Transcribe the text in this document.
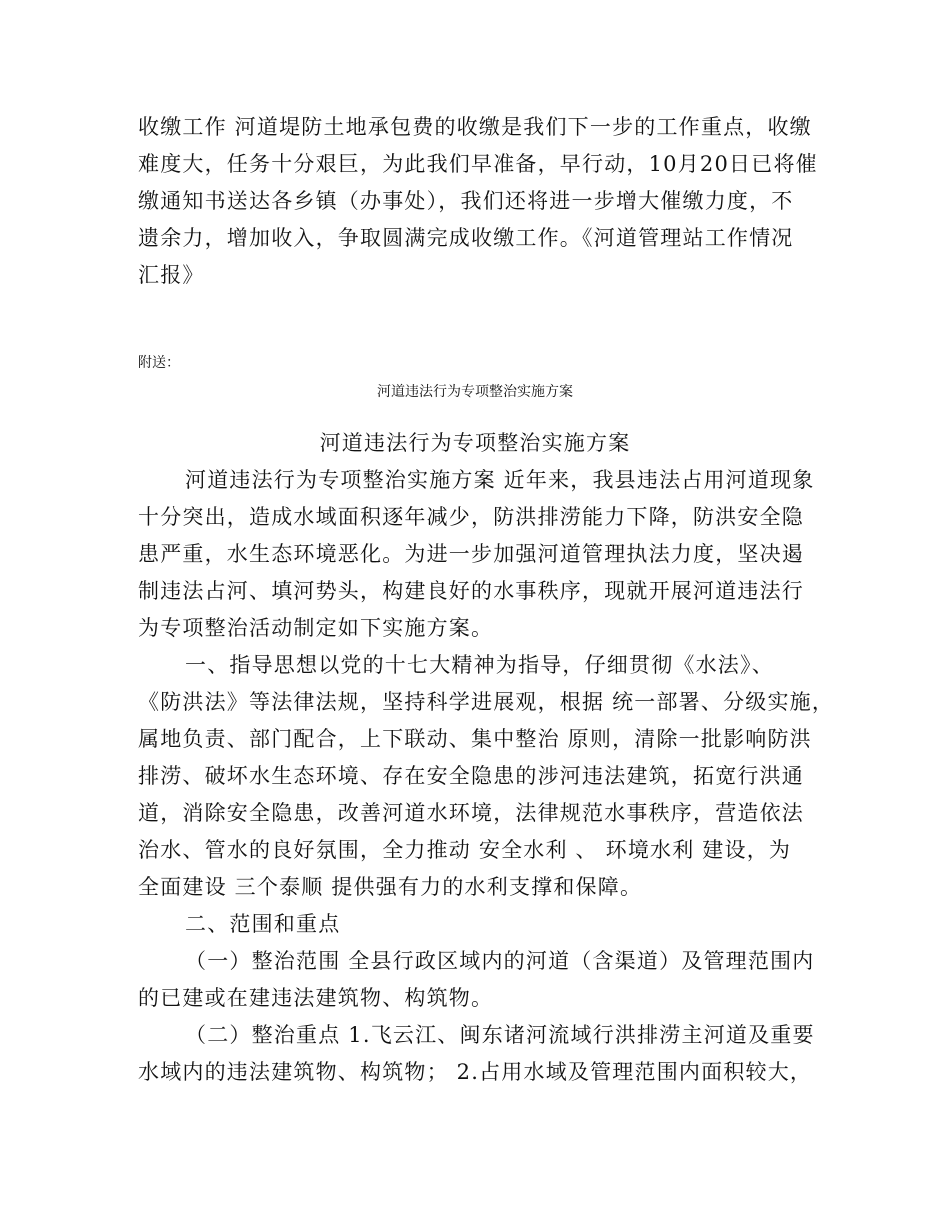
收缴工作 河道堤防土地承包费的收缴是我们下一步的工作重点，收缴
难度大，任务十分艰巨，为此我们早准备，早行动，10月20日已将催
缴通知书送达各乡镇（办事处），我们还将进一步增大催缴力度，不
遗余力，增加收入，争取圆满完成收缴工作。《河道管理站工作情况
汇报》
附送：
河道违法行为专项整治实施方案
河道违法行为专项整治实施方案
河道违法行为专项整治实施方案 近年来，我县违法占用河道现象
十分突出，造成水域面积逐年减少，防洪排涝能力下降，防洪安全隐
患严重，水生态环境恶化。为进一步加强河道管理执法力度，坚决遏
制违法占河、填河势头，构建良好的水事秩序，现就开展河道违法行
为专项整治活动制定如下实施方案。
一、指导思想以党的十七大精神为指导，仔细贯彻《水法》、
《防洪法》等法律法规，坚持科学进展观，根据 统一部署、分级实施，
属地负责、部门配合，上下联动、集中整治 原则，清除一批影响防洪
排涝、破坏水生态环境、存在安全隐患的涉河违法建筑，拓宽行洪通
道，消除安全隐患，改善河道水环境，法律规范水事秩序，营造依法
治水、管水的良好氛围，全力推动 安全水利 、 环境水利 建设，为
全面建设 三个泰顺 提供强有力的水利支撑和保障。
二、范围和重点
（一）整治范围 全县行政区域内的河道（含渠道）及管理范围内
的已建或在建违法建筑物、构筑物。
（二）整治重点 1.飞云江、闽东诸河流域行洪排涝主河道及重要
水域内的违法建筑物、构筑物； 2.占用水域及管理范围内面积较大，
